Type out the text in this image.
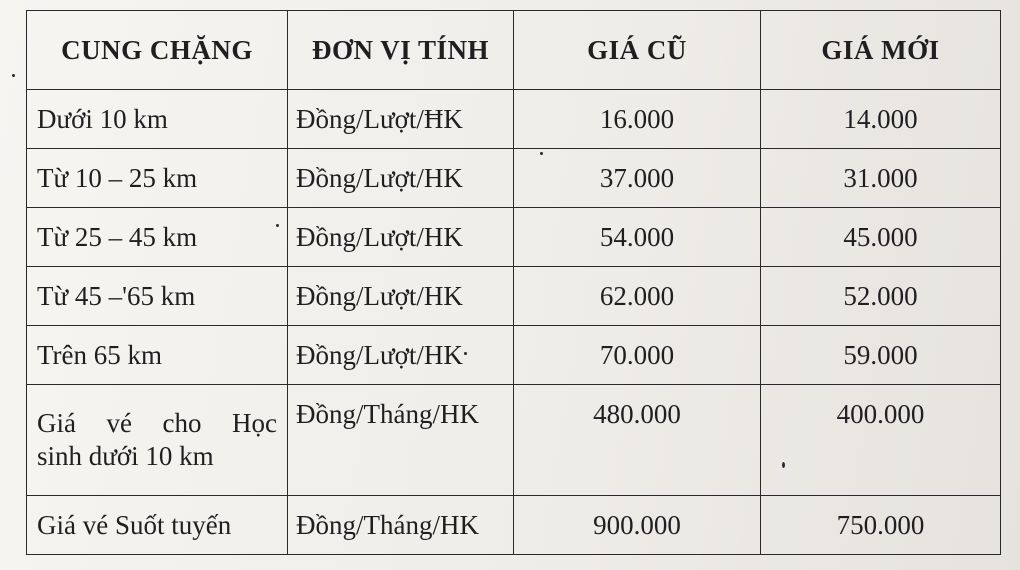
CUNG CHẶNG	ĐƠN VỊ TÍNH	GIÁ CŨ	GIÁ MỚI
Dưới 10 km	Đồng/Lượt/ĦK	16.000	14.000
Từ 10 – 25 km	Đồng/Lượt/HK	37.000	31.000
Từ 25 – 45 km	Đồng/Lượt/HK	54.000	45.000
Từ 45 –'65 km	Đồng/Lượt/HK	62.000	52.000
Trên 65 km	Đồng/Lượt/HK	70.000	59.000

Giá vé cho Học
sinh dưới 10 km	Đồng/Tháng/HK	480.000	400.000
Giá vé Suốt tuyến	Đồng/Tháng/HK	900.000	750.000
